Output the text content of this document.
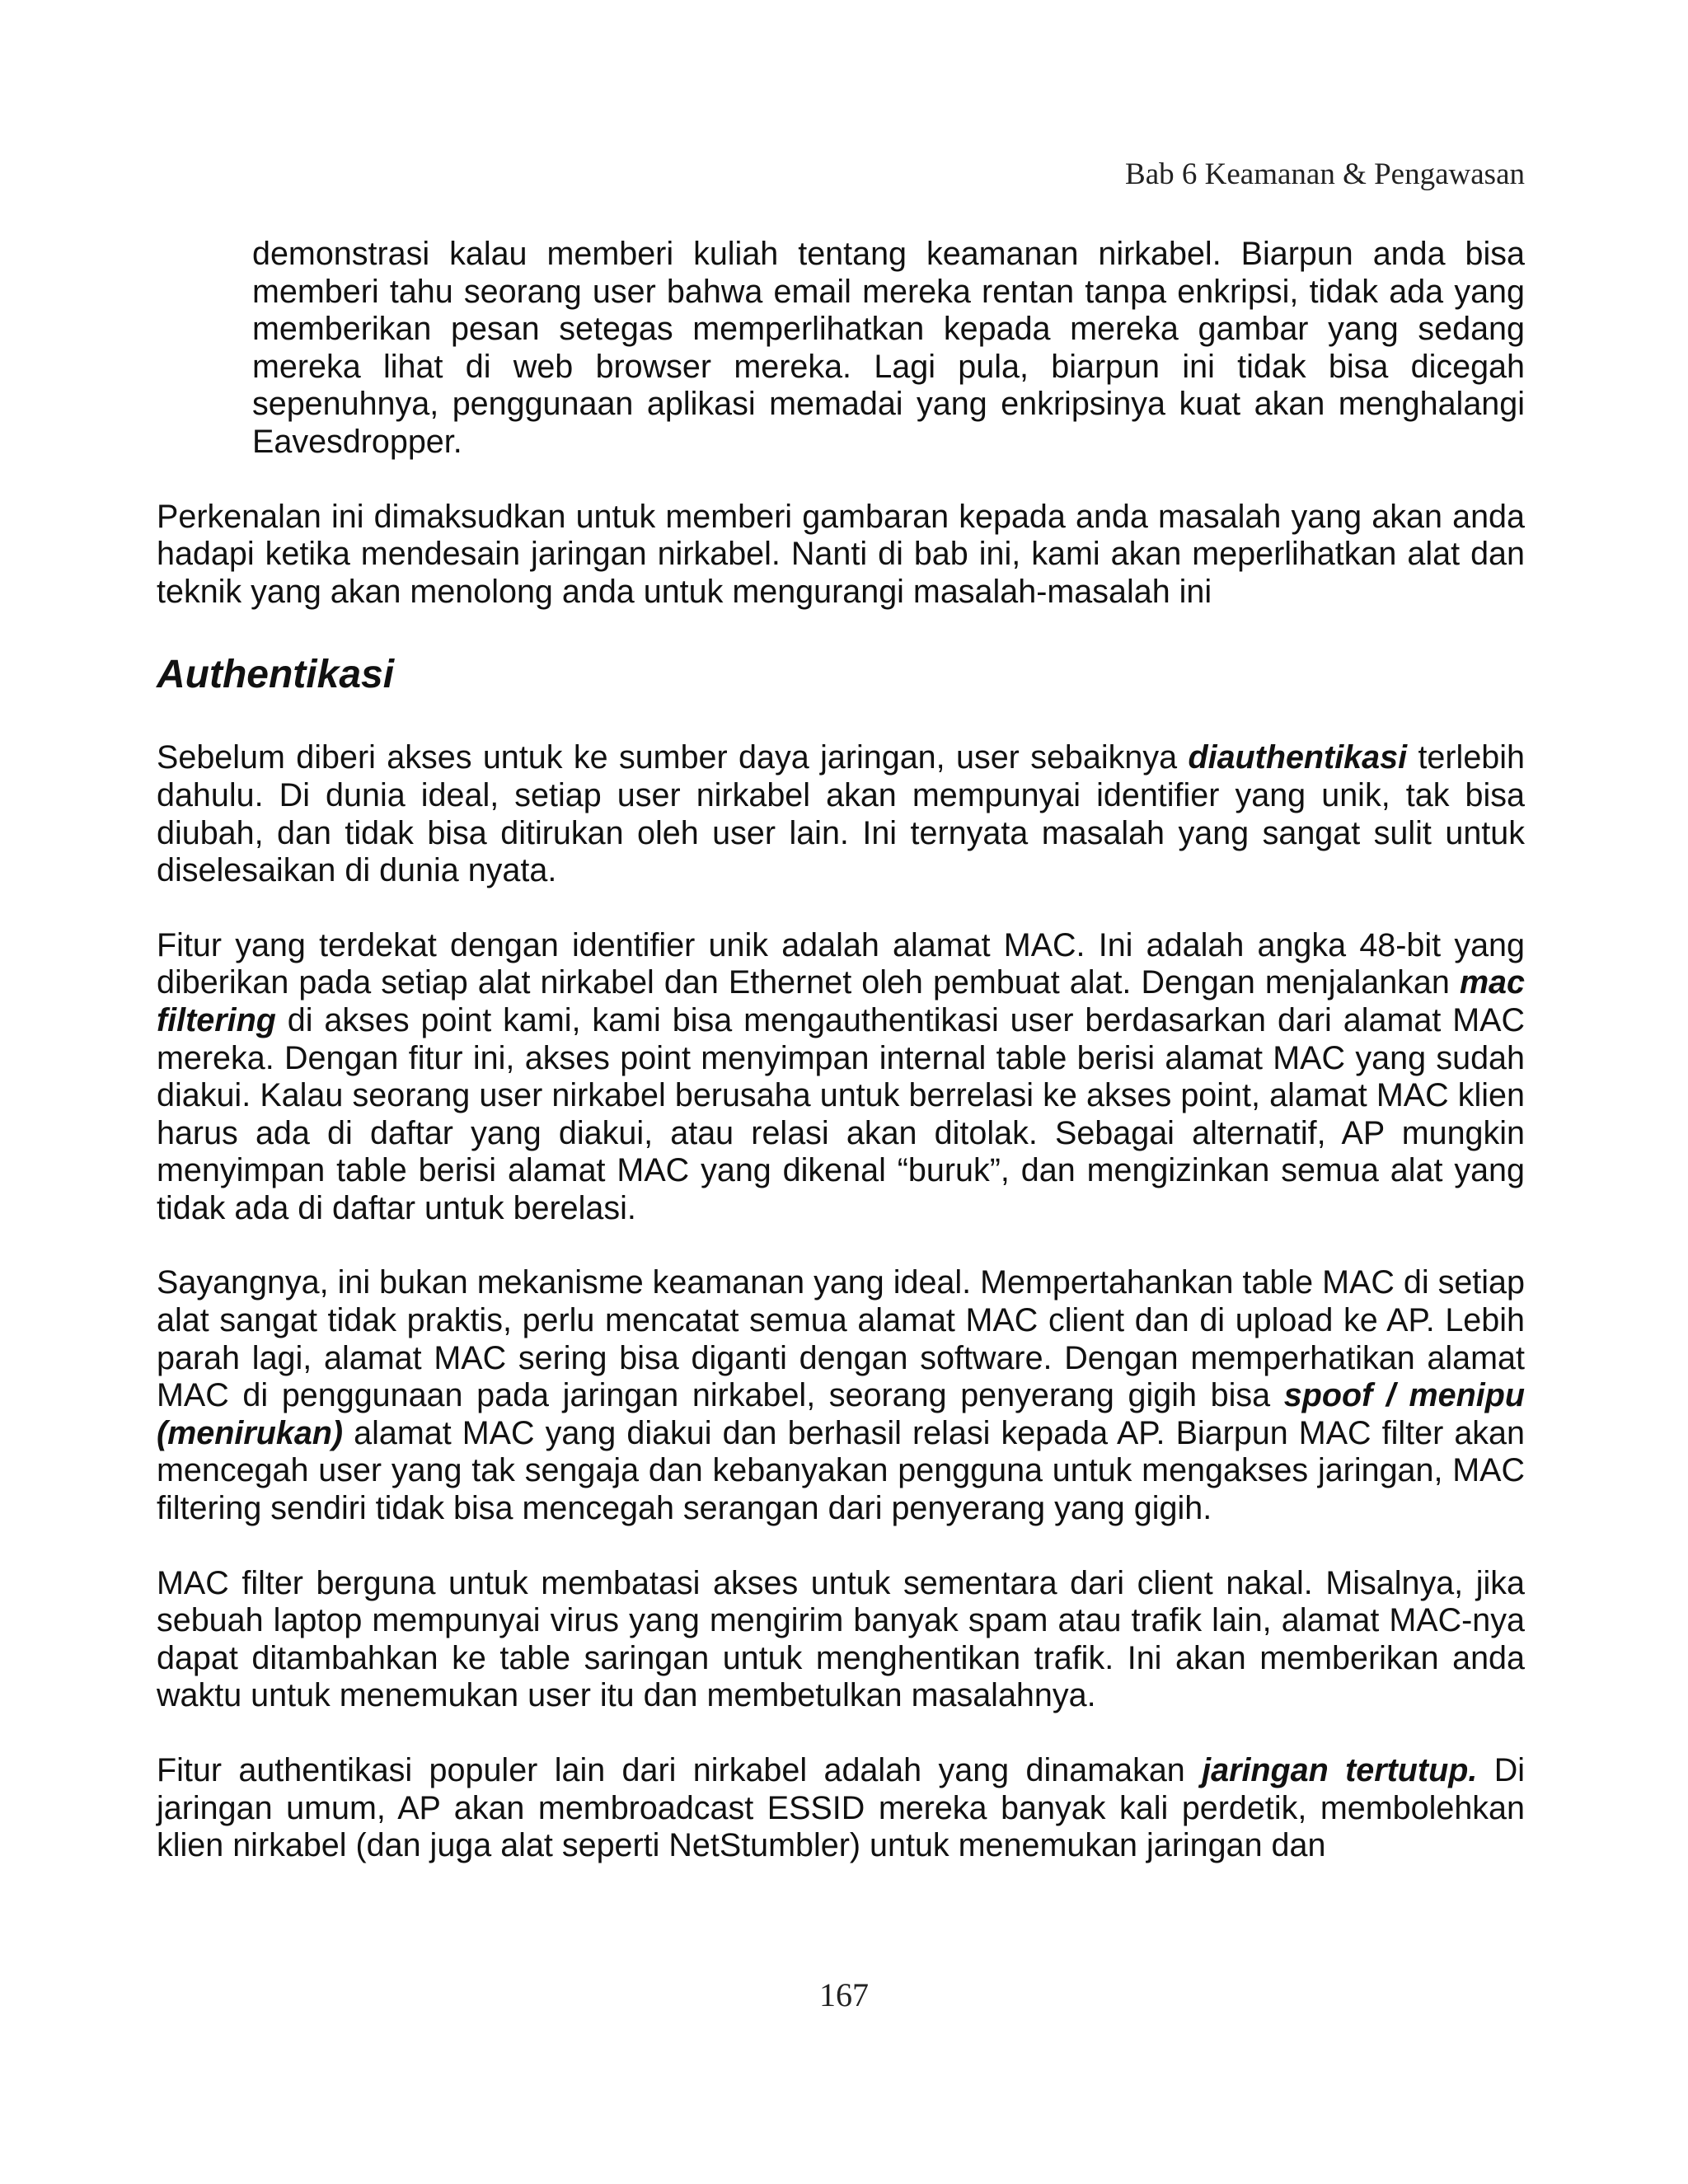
Bab 6 Keamanan & Pengawasan

demonstrasi kalau memberi kuliah tentang keamanan nirkabel. Biarpun anda bisa memberi tahu seorang user bahwa email mereka rentan tanpa enkripsi, tidak ada yang memberikan pesan setegas memperlihatkan kepada mereka gambar yang sedang mereka lihat di web browser mereka. Lagi pula, biarpun ini tidak bisa dicegah sepenuhnya, penggunaan aplikasi memadai yang enkripsinya kuat akan menghalangi Eavesdropper.

Perkenalan ini dimaksudkan untuk memberi gambaran kepada anda masalah yang akan anda hadapi ketika mendesain jaringan nirkabel. Nanti di bab ini, kami akan meperlihatkan alat dan teknik yang akan menolong anda untuk mengurangi masalah-masalah ini

Authentikasi

Sebelum diberi akses untuk ke sumber daya jaringan, user sebaiknya diauthentikasi terlebih dahulu. Di dunia ideal, setiap user nirkabel akan mempunyai identifier yang unik, tak bisa diubah, dan tidak bisa ditirukan oleh user lain. Ini ternyata masalah yang sangat sulit untuk diselesaikan di dunia nyata.

Fitur yang terdekat dengan identifier unik adalah alamat MAC. Ini adalah angka 48-bit yang diberikan pada setiap alat nirkabel dan Ethernet oleh pembuat alat. Dengan menjalankan mac filtering di akses point kami, kami bisa mengauthentikasi user berdasarkan dari alamat MAC mereka. Dengan fitur ini, akses point menyimpan internal table berisi alamat MAC yang sudah diakui. Kalau seorang user nirkabel berusaha untuk berrelasi ke akses point, alamat MAC klien harus ada di daftar yang diakui, atau relasi akan ditolak. Sebagai alternatif, AP mungkin menyimpan table berisi alamat MAC yang dikenal “buruk”, dan mengizinkan semua alat yang tidak ada di daftar untuk berelasi.

Sayangnya, ini bukan mekanisme keamanan yang ideal. Mempertahankan table MAC di setiap alat sangat tidak praktis, perlu mencatat semua alamat MAC client dan di upload ke AP. Lebih parah lagi, alamat MAC sering bisa diganti dengan software. Dengan memperhatikan alamat MAC di penggunaan pada jaringan nirkabel, seorang penyerang gigih bisa spoof / menipu (menirukan) alamat MAC yang diakui dan berhasil relasi kepada AP. Biarpun MAC filter akan mencegah user yang tak sengaja dan kebanyakan pengguna untuk mengakses jaringan, MAC filtering sendiri tidak bisa mencegah serangan dari penyerang yang gigih.

MAC filter berguna untuk membatasi akses untuk sementara dari client nakal. Misalnya, jika sebuah laptop mempunyai virus yang mengirim banyak spam atau trafik lain, alamat MAC-nya dapat ditambahkan ke table saringan untuk menghentikan trafik. Ini akan memberikan anda waktu untuk menemukan user itu dan membetulkan masalahnya.

Fitur authentikasi populer lain dari nirkabel adalah yang dinamakan jaringan tertutup. Di jaringan umum, AP akan membroadcast ESSID mereka banyak kali perdetik, membolehkan klien nirkabel (dan juga alat seperti NetStumbler) untuk menemukan jaringan dan

167
